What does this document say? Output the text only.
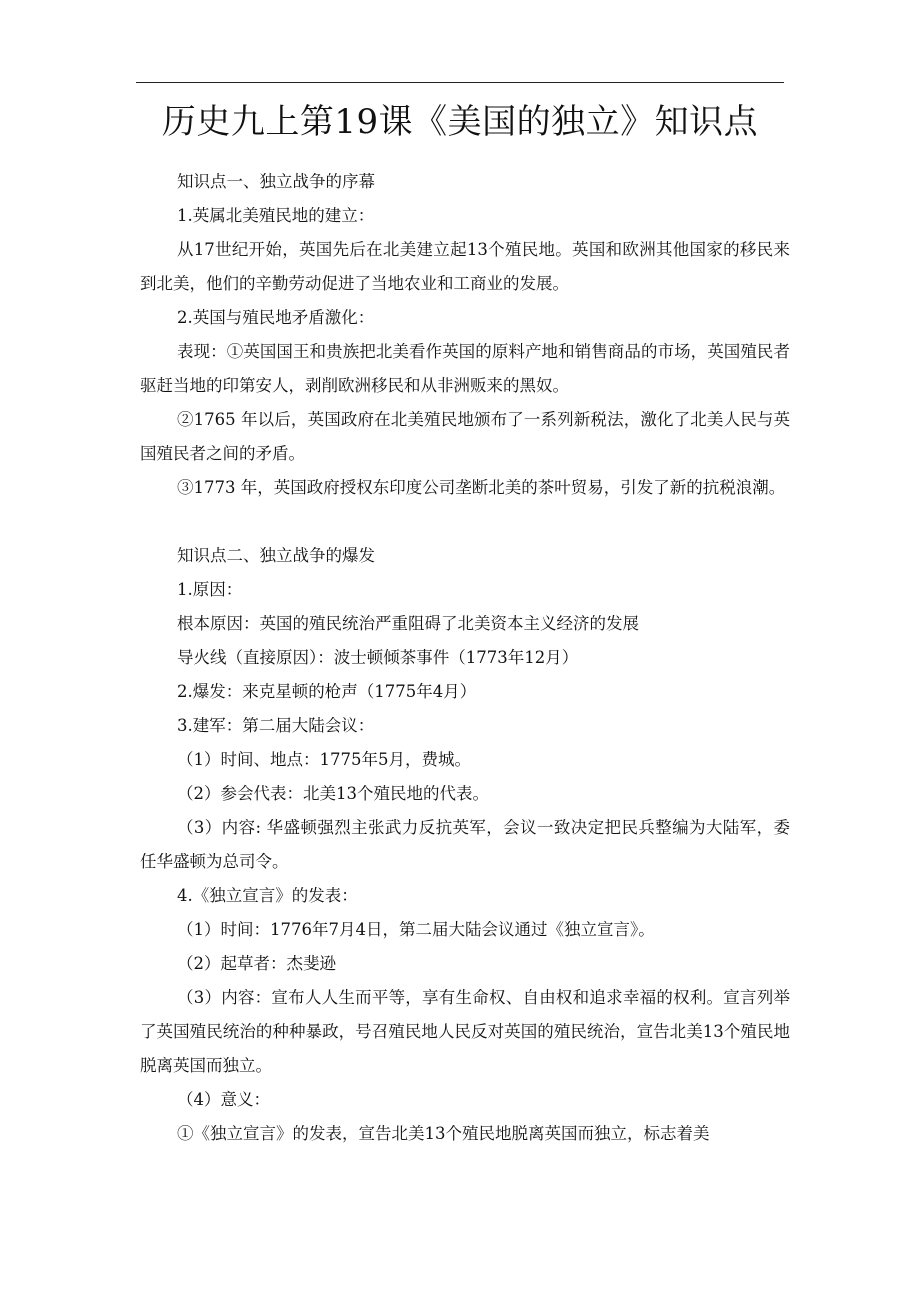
历史九上第19课《美国的独立》知识点

知识点一、独立战争的序幕

1.英属北美殖民地的建立：

从17世纪开始，英国先后在北美建立起13个殖民地。英国和欧洲其他国家的移民来到北美，他们的辛勤劳动促进了当地农业和工商业的发展。

2.英国与殖民地矛盾激化：

表现：①英国国王和贵族把北美看作英国的原料产地和销售商品的市场，英国殖民者驱赶当地的印第安人，剥削欧洲移民和从非洲贩来的黑奴。

②1765 年以后，英国政府在北美殖民地颁布了一系列新税法，激化了北美人民与英国殖民者之间的矛盾。

③1773 年，英国政府授权东印度公司垄断北美的茶叶贸易，引发了新的抗税浪潮。

知识点二、独立战争的爆发

1.原因：

根本原因：英国的殖民统治严重阻碍了北美资本主义经济的发展

导火线（直接原因）：波士顿倾茶事件（1773年12月）

2.爆发：来克星顿的枪声（1775年4月）

3.建军：第二届大陆会议：

（1）时间、地点：1775年5月，费城。

（2）参会代表：北美13个殖民地的代表。

（3）内容: 华盛顿强烈主张武力反抗英军，会议一致决定把民兵整编为大陆军，委任华盛顿为总司令。

4.《独立宣言》的发表：

（1）时间：1776年7月4日，第二届大陆会议通过《独立宣言》。

（2）起草者：杰斐逊

（3）内容：宣布人人生而平等，享有生命权、自由权和追求幸福的权利。宣言列举了英国殖民统治的种种暴政，号召殖民地人民反对英国的殖民统治，宣告北美13个殖民地脱离英国而独立。

（4）意义：

①《独立宣言》的发表，宣告北美13个殖民地脱离英国而独立，标志着美
